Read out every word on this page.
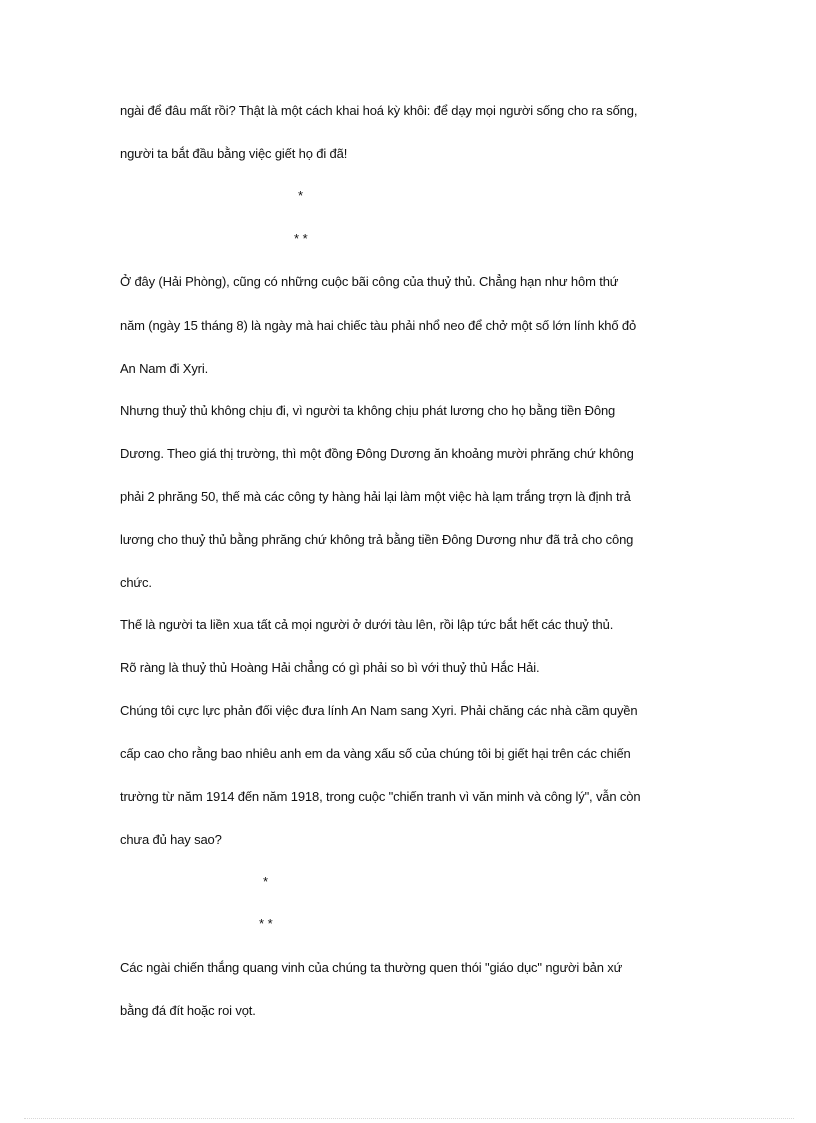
ngài để đâu mất rồi? Thật là một cách khai hoá kỳ khôi: để dạy mọi người sống cho ra sống,
người ta bắt đầu bằng việc giết họ đi đã!
*
* *
Ở đây (Hải Phòng), cũng có những cuộc bãi công của thuỷ thủ. Chẳng hạn như hôm thứ
năm (ngày 15 tháng 8) là ngày mà hai chiếc tàu phải nhổ neo để chở một số lớn lính khố đỏ
An Nam đi Xyri.
Nhưng thuỷ thủ không chịu đi, vì người ta không chịu phát lương cho họ bằng tiền Đông
Dương. Theo giá thị trường, thì một đồng Đông Dương ăn khoảng mười phrăng chứ không
phải 2 phrăng 50, thế mà các công ty hàng hải lại làm một việc hà lạm trắng trợn là định trả
lương cho thuỷ thủ bằng phrăng chứ không trả bằng tiền Đông Dương như đã trả cho công
chức.
Thế là người ta liền xua tất cả mọi người ở dưới tàu lên, rồi lập tức bắt hết các thuỷ thủ.
Rõ ràng là thuỷ thủ Hoàng Hải chẳng có gì phải so bì với thuỷ thủ Hắc Hải.
Chúng tôi cực lực phản đối việc đưa lính An Nam sang Xyri. Phải chăng các nhà cầm quyền
cấp cao cho rằng bao nhiêu anh em da vàng xấu số của chúng tôi bị giết hại trên các chiến
trường từ năm 1914 đến năm 1918, trong cuộc "chiến tranh vì văn minh và công lý", vẫn còn
chưa đủ hay sao?
*
* *
Các ngài chiến thắng quang vinh của chúng ta thường quen thói "giáo dục" người bản xứ
bằng đá đít hoặc roi vọt.
